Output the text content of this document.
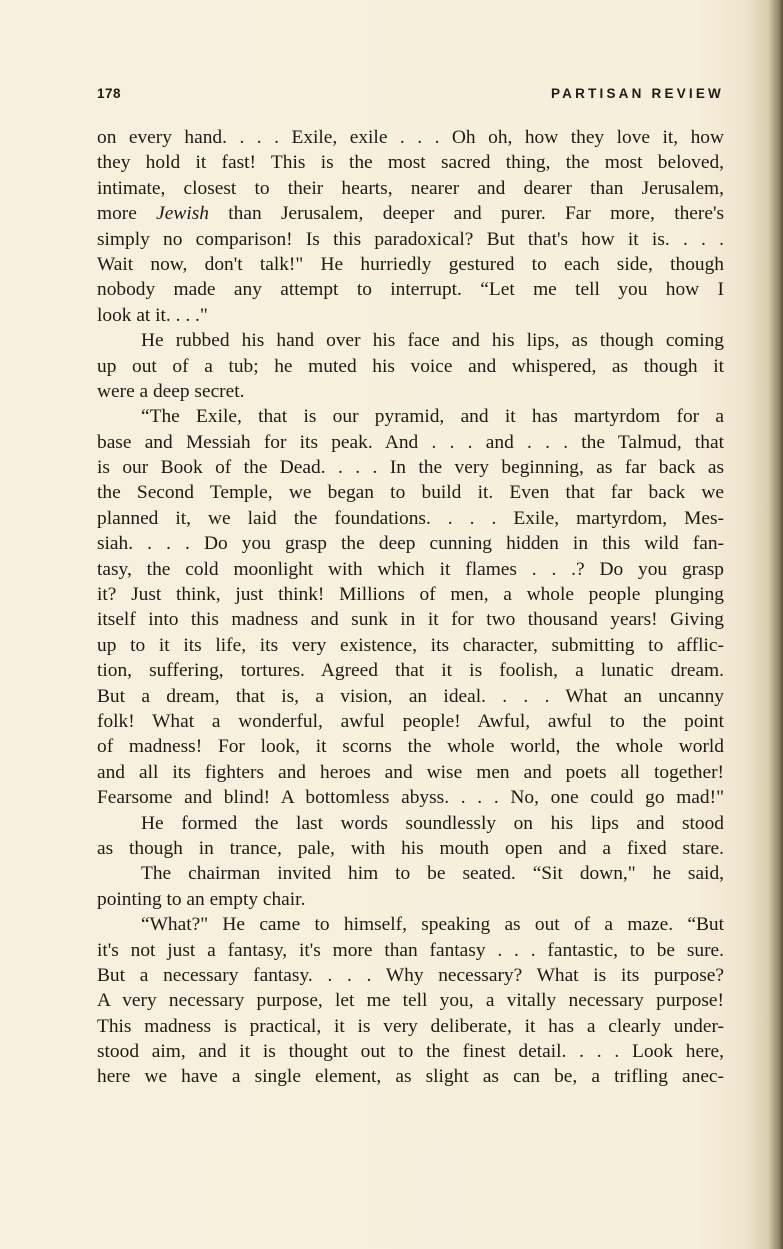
178	PARTISAN REVIEW
on every hand. . . . Exile, exile . . . Oh oh, how they love it, how
they hold it fast! This is the most sacred thing, the most beloved,
intimate, closest to their hearts, nearer and dearer than Jerusalem,
more Jewish than Jerusalem, deeper and purer. Far more, there's
simply no comparison! Is this paradoxical? But that's how it is. . . .
Wait now, don't talk!" He hurriedly gestured to each side, though
nobody made any attempt to interrupt. “Let me tell you how I
look at it. . . ."
He rubbed his hand over his face and his lips, as though coming
up out of a tub; he muted his voice and whispered, as though it
were a deep secret.
“The Exile, that is our pyramid, and it has martyrdom for a
base and Messiah for its peak. And . . . and . . . the Talmud, that
is our Book of the Dead. . . . In the very beginning, as far back as
the Second Temple, we began to build it. Even that far back we
planned it, we laid the foundations. . . . Exile, martyrdom, Mes-
siah. . . . Do you grasp the deep cunning hidden in this wild fan-
tasy, the cold moonlight with which it flames . . .? Do you grasp
it? Just think, just think! Millions of men, a whole people plunging
itself into this madness and sunk in it for two thousand years! Giving
up to it its life, its very existence, its character, submitting to afflic-
tion, suffering, tortures. Agreed that it is foolish, a lunatic dream.
But a dream, that is, a vision, an ideal. . . . What an uncanny
folk! What a wonderful, awful people! Awful, awful to the point
of madness! For look, it scorns the whole world, the whole world
and all its fighters and heroes and wise men and poets all together!
Fearsome and blind! A bottomless abyss. . . . No, one could go mad!"
He formed the last words soundlessly on his lips and stood
as though in trance, pale, with his mouth open and a fixed stare.
The chairman invited him to be seated. “Sit down," he said,
pointing to an empty chair.
“What?" He came to himself, speaking as out of a maze. “But
it's not just a fantasy, it's more than fantasy . . . fantastic, to be sure.
But a necessary fantasy. . . . Why necessary? What is its purpose?
A very necessary purpose, let me tell you, a vitally necessary purpose!
This madness is practical, it is very deliberate, it has a clearly under-
stood aim, and it is thought out to the finest detail. . . . Look here,
here we have a single element, as slight as can be, a trifling anec-
